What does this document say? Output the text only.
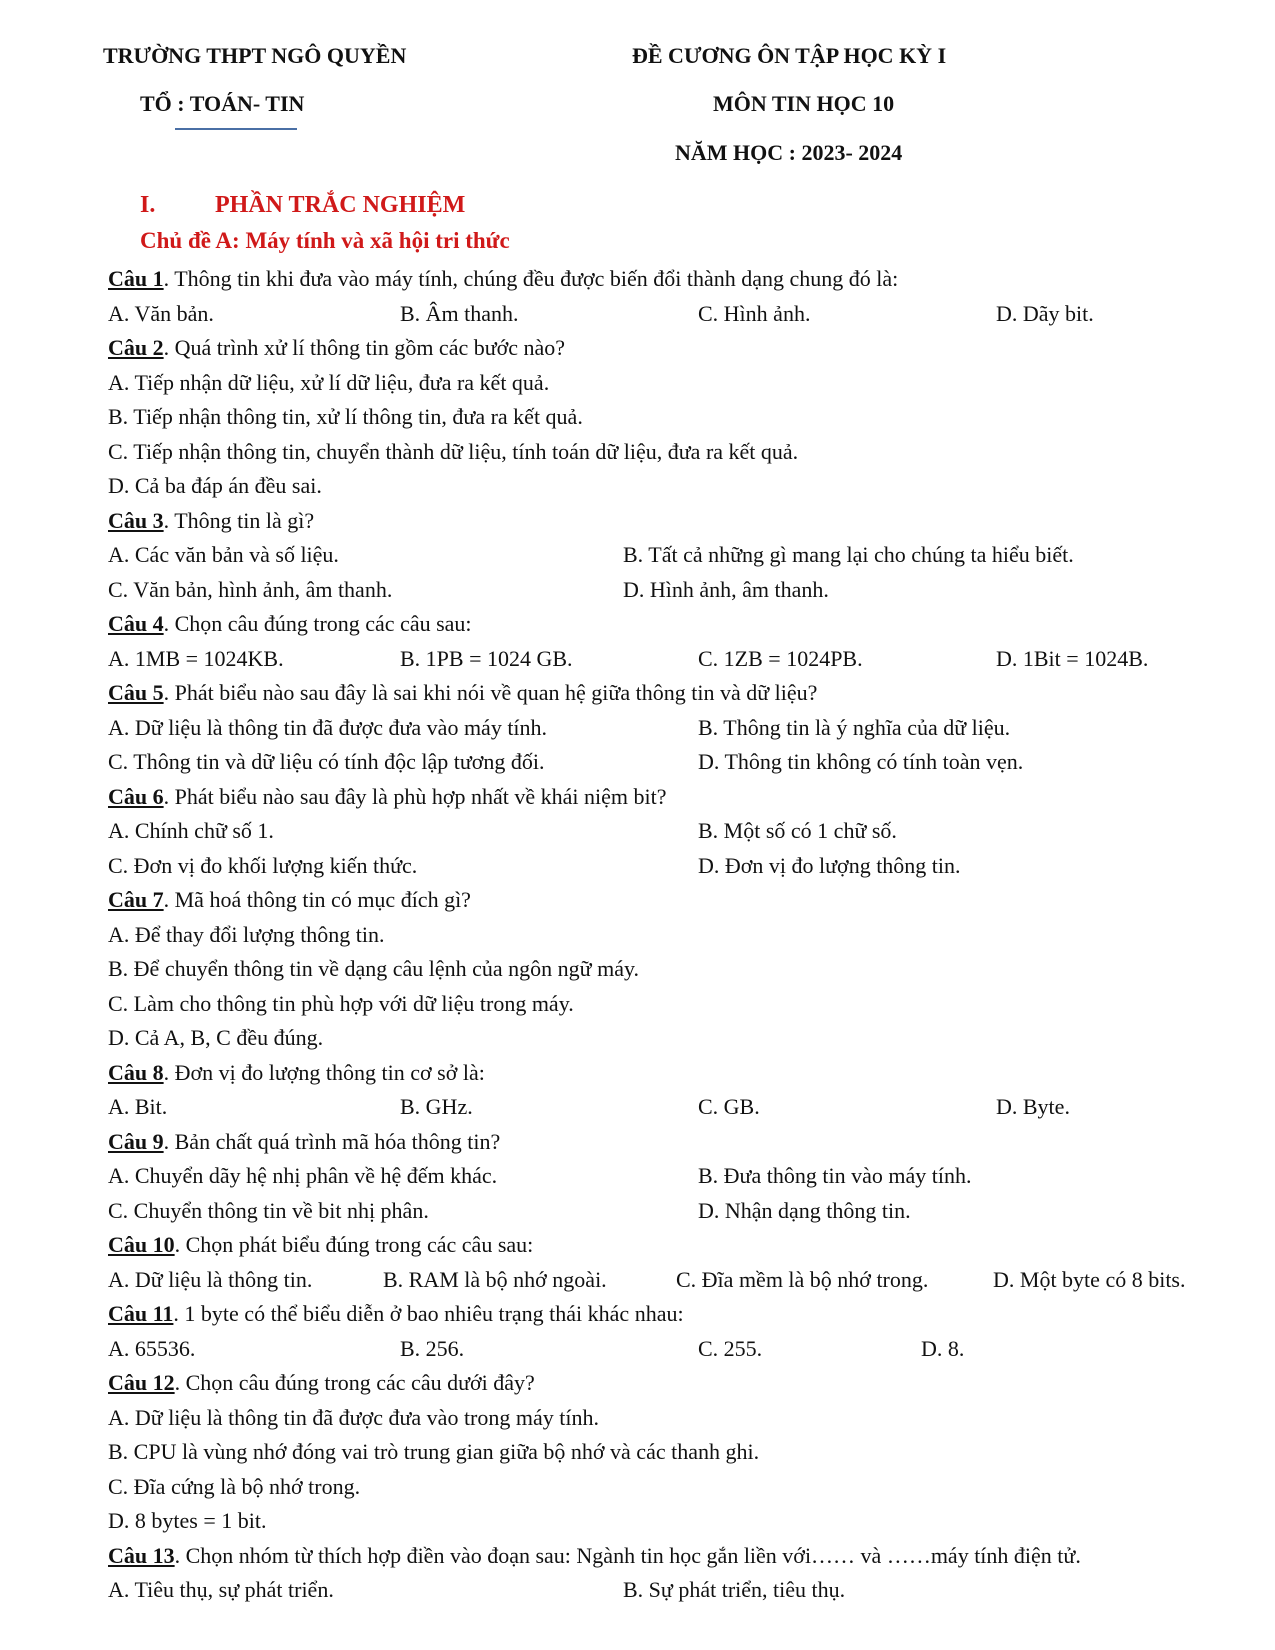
TRƯỜNG THPT NGÔ QUYỀN	ĐỀ CƯƠNG ÔN TẬP HỌC KỲ I
TỔ : TOÁN- TIN	MÔN TIN HỌC 10
NĂM HỌC : 2023- 2024
I. PHẦN TRẮC NGHIỆM
Chủ đề A: Máy tính và xã hội tri thức
Câu 1. Thông tin khi đưa vào máy tính, chúng đều được biến đổi thành dạng chung đó là:
A. Văn bản.	B. Âm thanh.	C. Hình ảnh.	D. Dãy bit.
Câu 2. Quá trình xử lí thông tin gồm các bước nào?
A. Tiếp nhận dữ liệu, xử lí dữ liệu, đưa ra kết quả.
B. Tiếp nhận thông tin, xử lí thông tin, đưa ra kết quả.
C. Tiếp nhận thông tin, chuyển thành dữ liệu, tính toán dữ liệu, đưa ra kết quả.
D. Cả ba đáp án đều sai.
Câu 3. Thông tin là gì?
A. Các văn bản và số liệu.	B. Tất cả những gì mang lại cho chúng ta hiểu biết.
C. Văn bản, hình ảnh, âm thanh.	D. Hình ảnh, âm thanh.
Câu 4. Chọn câu đúng trong các câu sau:
A. 1MB = 1024KB.	B. 1PB = 1024 GB.	C. 1ZB = 1024PB.	D. 1Bit = 1024B.
Câu 5. Phát biểu nào sau đây là sai khi nói về quan hệ giữa thông tin và dữ liệu?
A. Dữ liệu là thông tin đã được đưa vào máy tính.	B. Thông tin là ý nghĩa của dữ liệu.
C. Thông tin và dữ liệu có tính độc lập tương đối.	D. Thông tin không có tính toàn vẹn.
Câu 6. Phát biểu nào sau đây là phù hợp nhất về khái niệm bit?
A. Chính chữ số 1.	B. Một số có 1 chữ số.
C. Đơn vị đo khối lượng kiến thức.	D. Đơn vị đo lượng thông tin.
Câu 7. Mã hoá thông tin có mục đích gì?
A. Để thay đổi lượng thông tin.
B. Để chuyển thông tin về dạng câu lệnh của ngôn ngữ máy.
C. Làm cho thông tin phù hợp với dữ liệu trong máy.
D. Cả A, B, C đều đúng.
Câu 8. Đơn vị đo lượng thông tin cơ sở là:
A. Bit.	B. GHz.	C. GB.	D. Byte.
Câu 9. Bản chất quá trình mã hóa thông tin?
A. Chuyển dãy hệ nhị phân về hệ đếm khác.	B. Đưa thông tin vào máy tính.
C. Chuyển thông tin về bit nhị phân.	D. Nhận dạng thông tin.
Câu 10. Chọn phát biểu đúng trong các câu sau:
A. Dữ liệu là thông tin.	B. RAM là bộ nhớ ngoài.	C. Đĩa mềm là bộ nhớ trong.	D. Một byte có 8 bits.
Câu 11. 1 byte có thể biểu diễn ở bao nhiêu trạng thái khác nhau:
A. 65536.	B. 256.	C. 255.	D. 8.
Câu 12. Chọn câu đúng trong các câu dưới đây?
A. Dữ liệu là thông tin đã được đưa vào trong máy tính.
B. CPU là vùng nhớ đóng vai trò trung gian giữa bộ nhớ và các thanh ghi.
C. Đĩa cứng là bộ nhớ trong.
D. 8 bytes = 1 bit.
Câu 13. Chọn nhóm từ thích hợp điền vào đoạn sau: Ngành tin học gắn liền với…… và ……máy tính điện tử.
A. Tiêu thụ, sự phát triển.	B. Sự phát triển, tiêu thụ.
